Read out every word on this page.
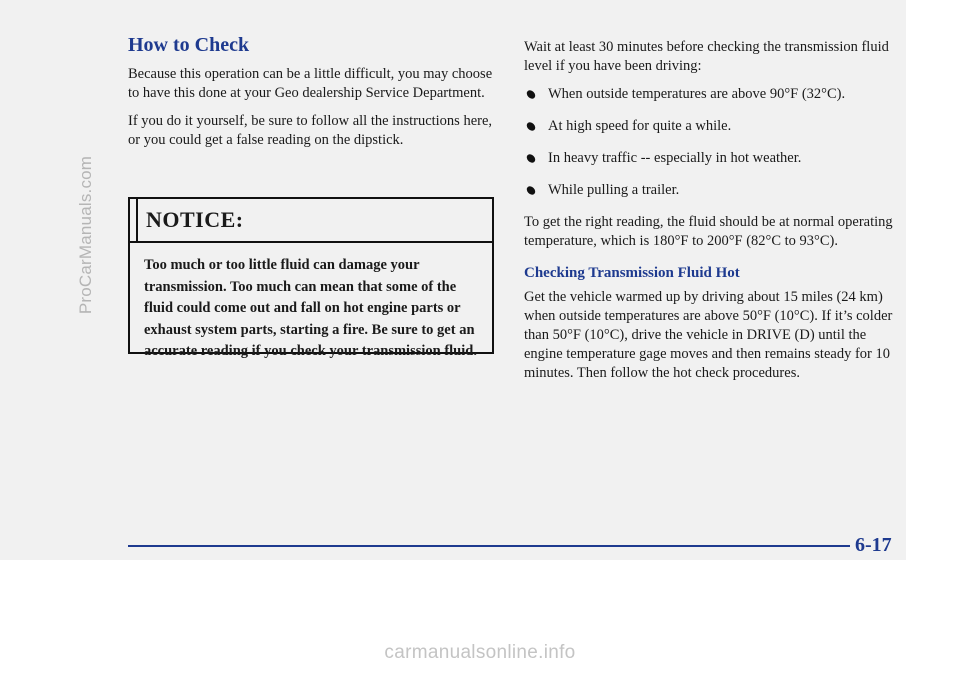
ProCarManuals.com
How to Check

Because this operation can be a little difficult, you may choose to have this done at your Geo dealership Service Department.

If you do it yourself, be sure to follow all the instructions here, or you could get a false reading on the dipstick.

NOTICE:
Too much or too little fluid can damage your transmission. Too much can mean that some of the fluid could come out and fall on hot engine parts or exhaust system parts, starting a fire. Be sure to get an accurate reading if you check your transmission fluid.

Wait at least 30 minutes before checking the transmission fluid level if you have been driving:

When outside temperatures are above 90°F (32°C).
At high speed for quite a while.
In heavy traffic -- especially in hot weather.
While pulling a trailer.

To get the right reading, the fluid should be at normal operating temperature, which is 180°F to 200°F (82°C to 93°C).

Checking Transmission Fluid Hot

Get the vehicle warmed up by driving about 15 miles (24 km) when outside temperatures are above 50°F (10°C). If it’s colder than 50°F (10°C), drive the vehicle in DRIVE (D) until the engine temperature gage moves and then remains steady for 10 minutes. Then follow the hot check procedures.

6-17
carmanualsonline.info
